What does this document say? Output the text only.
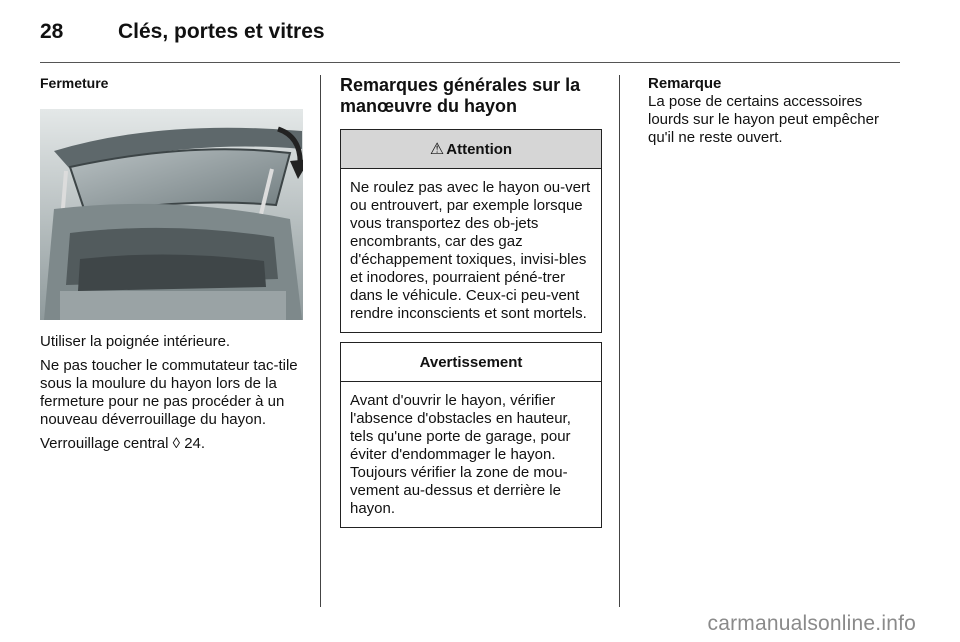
28	Clés, portes et vitres

Fermeture

Utiliser la poignée intérieure.

Ne pas toucher le commutateur tac-tile sous la moulure du hayon lors de la fermeture pour ne pas procéder à un nouveau déverrouillage du hayon.

Verrouillage central ◊ 24.

Remarques générales sur la manœuvre du hayon

⚠ Attention
Ne roulez pas avec le hayon ou-vert ou entrouvert, par exemple lorsque vous transportez des ob-jets encombrants, car des gaz d'échappement toxiques, invisi-bles et inodores, pourraient péné-trer dans le véhicule. Ceux-ci peu-vent rendre inconscients et sont mortels.
Avertissement
Avant d'ouvrir le hayon, vérifier l'absence d'obstacles en hauteur, tels qu'une porte de garage, pour éviter d'endommager le hayon. Toujours vérifier la zone de mou-vement au-dessus et derrière le hayon.
Remarque
La pose de certains accessoires lourds sur le hayon peut empêcher qu'il ne reste ouvert.
carmanualsonline.info
